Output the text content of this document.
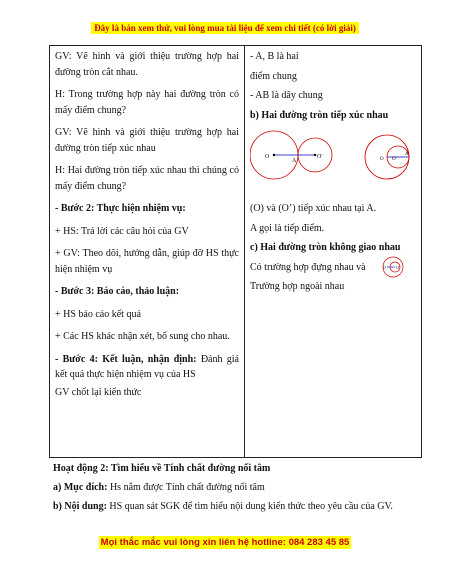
Đây là bản xem thử, vui lòng mua tài liệu để xem chi tiết (có lời giải)

GV: Vẽ hình và giới thiệu trường hợp hai đường tròn cắt nhau.

H: Trong trường hợp này hai đường tròn có mấy điểm chung?

GV: Vẽ hình và giới thiệu trường hợp hai đường tròn tiếp xúc nhau

H: Hai đường tròn tiếp xúc nhau thì chúng có mấy điểm chung?

- Bước 2: Thực hiện nhiệm vụ:

+ HS: Trả lời các câu hỏi của GV

+ GV: Theo dõi, hướng dẫn, giúp đỡ HS thực hiện nhiệm vụ

- Bước 3: Báo cáo, thảo luận:

+ HS báo cáo kết quả

+ Các HS khác nhận xét, bổ sung cho nhau.

- Bước 4: Kết luận, nhận định: Đánh giá kết quả thực hiện nhiệm vụ của HS

GV chốt lại kiến thức

- A, B là hai

điểm chung

- AB là dây chung

b) Hai đường tròn tiếp xúc nhau

O
A
O'	O O'
A

(O) và (O’) tiếp xúc nhau tại A.

A gọi là tiếp điểm.

c) Hai đường tròn không giao nhau

Có trường hợp đựng nhau và	O	O'

Trường hợp ngoài nhau

Hoạt động 2: Tìm hiểu về Tính chất đường nối tâm
a) Mục đích: Hs nắm được Tính chất đường nối tâm
b) Nội dung: HS quan sát SGK để tìm hiểu nội dung kiến thức theo yêu cầu của GV.
Mọi thắc mắc vui lòng xin liên hệ hotline: 084 283 45 85
